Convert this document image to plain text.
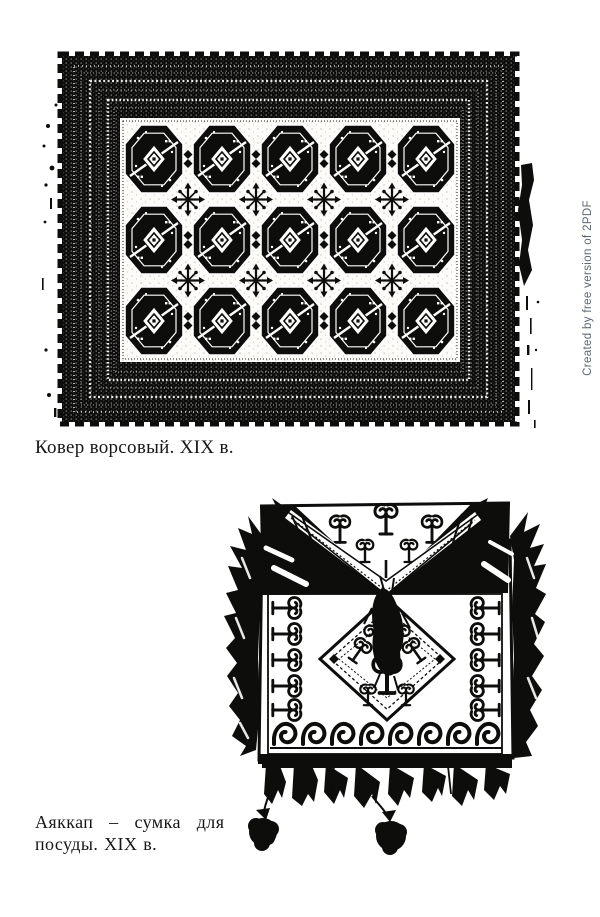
Ковер ворсовый. XIX в.
Аяккап – сумка для
посуды. XIX в.
Created by free version of 2PDF
